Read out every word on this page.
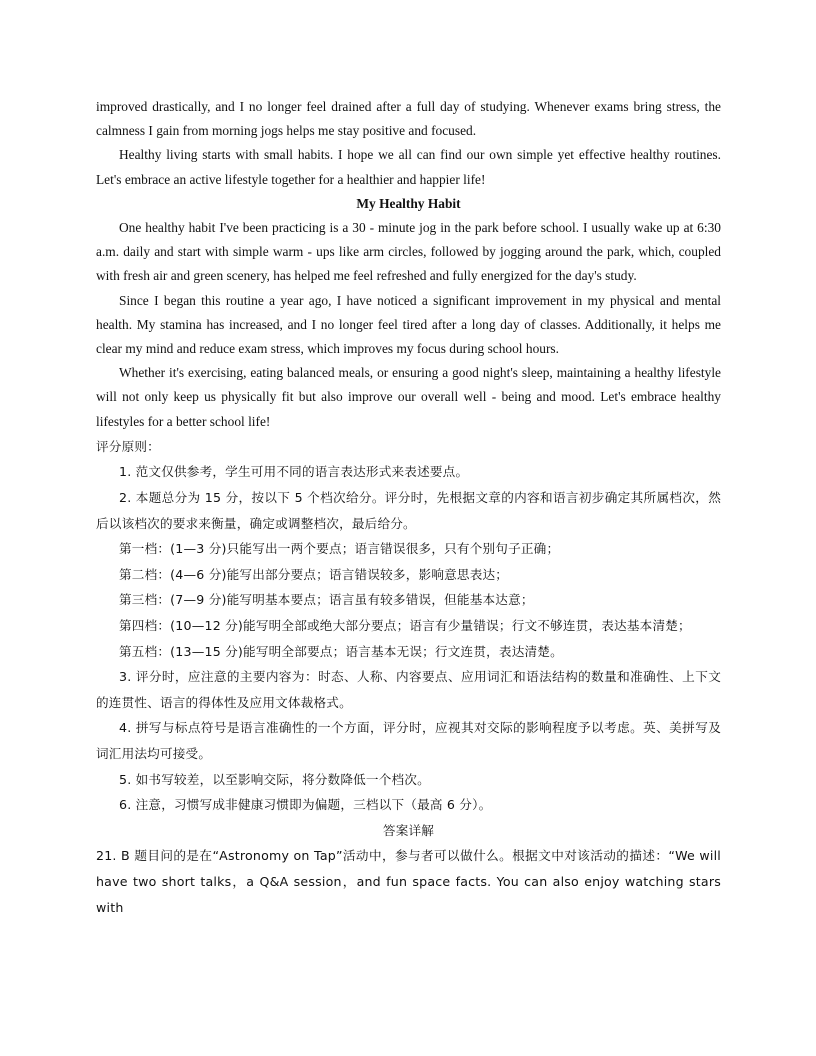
improved drastically, and I no longer feel drained after a full day of studying. Whenever exams bring stress, the calmness I gain from morning jogs helps me stay positive and focused.

Healthy living starts with small habits. I hope we all can find our own simple yet effective healthy routines. Let's embrace an active lifestyle together for a healthier and happier life!

My Healthy Habit

One healthy habit I've been practicing is a 30 - minute jog in the park before school. I usually wake up at 6:30 a.m. daily and start with simple warm - ups like arm circles, followed by jogging around the park, which, coupled with fresh air and green scenery, has helped me feel refreshed and fully energized for the day's study.

Since I began this routine a year ago, I have noticed a significant improvement in my physical and mental health. My stamina has increased, and I no longer feel tired after a long day of classes. Additionally, it helps me clear my mind and reduce exam stress, which improves my focus during school hours.

Whether it's exercising, eating balanced meals, or ensuring a good night's sleep, maintaining a healthy lifestyle will not only keep us physically fit but also improve our overall well - being and mood. Let's embrace healthy lifestyles for a better school life!

评分原则：

1. 范文仅供参考，学生可用不同的语言表达形式来表述要点。

2. 本题总分为 15 分，按以下 5 个档次给分。评分时，先根据文章的内容和语言初步确定其所属档次，然后以该档次的要求来衡量，确定或调整档次，最后给分。

第一档：(1—3 分)只能写出一两个要点；语言错误很多，只有个别句子正确；

第二档：(4—6 分)能写出部分要点；语言错误较多，影响意思表达；

第三档：(7—9 分)能写明基本要点；语言虽有较多错误，但能基本达意；

第四档：(10—12 分)能写明全部或绝大部分要点；语言有少量错误；行文不够连贯，表达基本清楚；

第五档：(13—15 分)能写明全部要点；语言基本无误；行文连贯，表达清楚。

3. 评分时，应注意的主要内容为：时态、人称、内容要点、应用词汇和语法结构的数量和准确性、上下文的连贯性、语言的得体性及应用文体裁格式。

4. 拼写与标点符号是语言准确性的一个方面，评分时，应视其对交际的影响程度予以考虑。英、美拼写及词汇用法均可接受。

5. 如书写较差，以至影响交际，将分数降低一个档次。

6. 注意，习惯写成非健康习惯即为偏题，三档以下（最高 6 分）。

答案详解

21. B 题目问的是在“Astronomy on Tap”活动中，参与者可以做什么。根据文中对该活动的描述：“We will have two short talks，a Q&A session，and fun space facts. You can also enjoy watching stars with
